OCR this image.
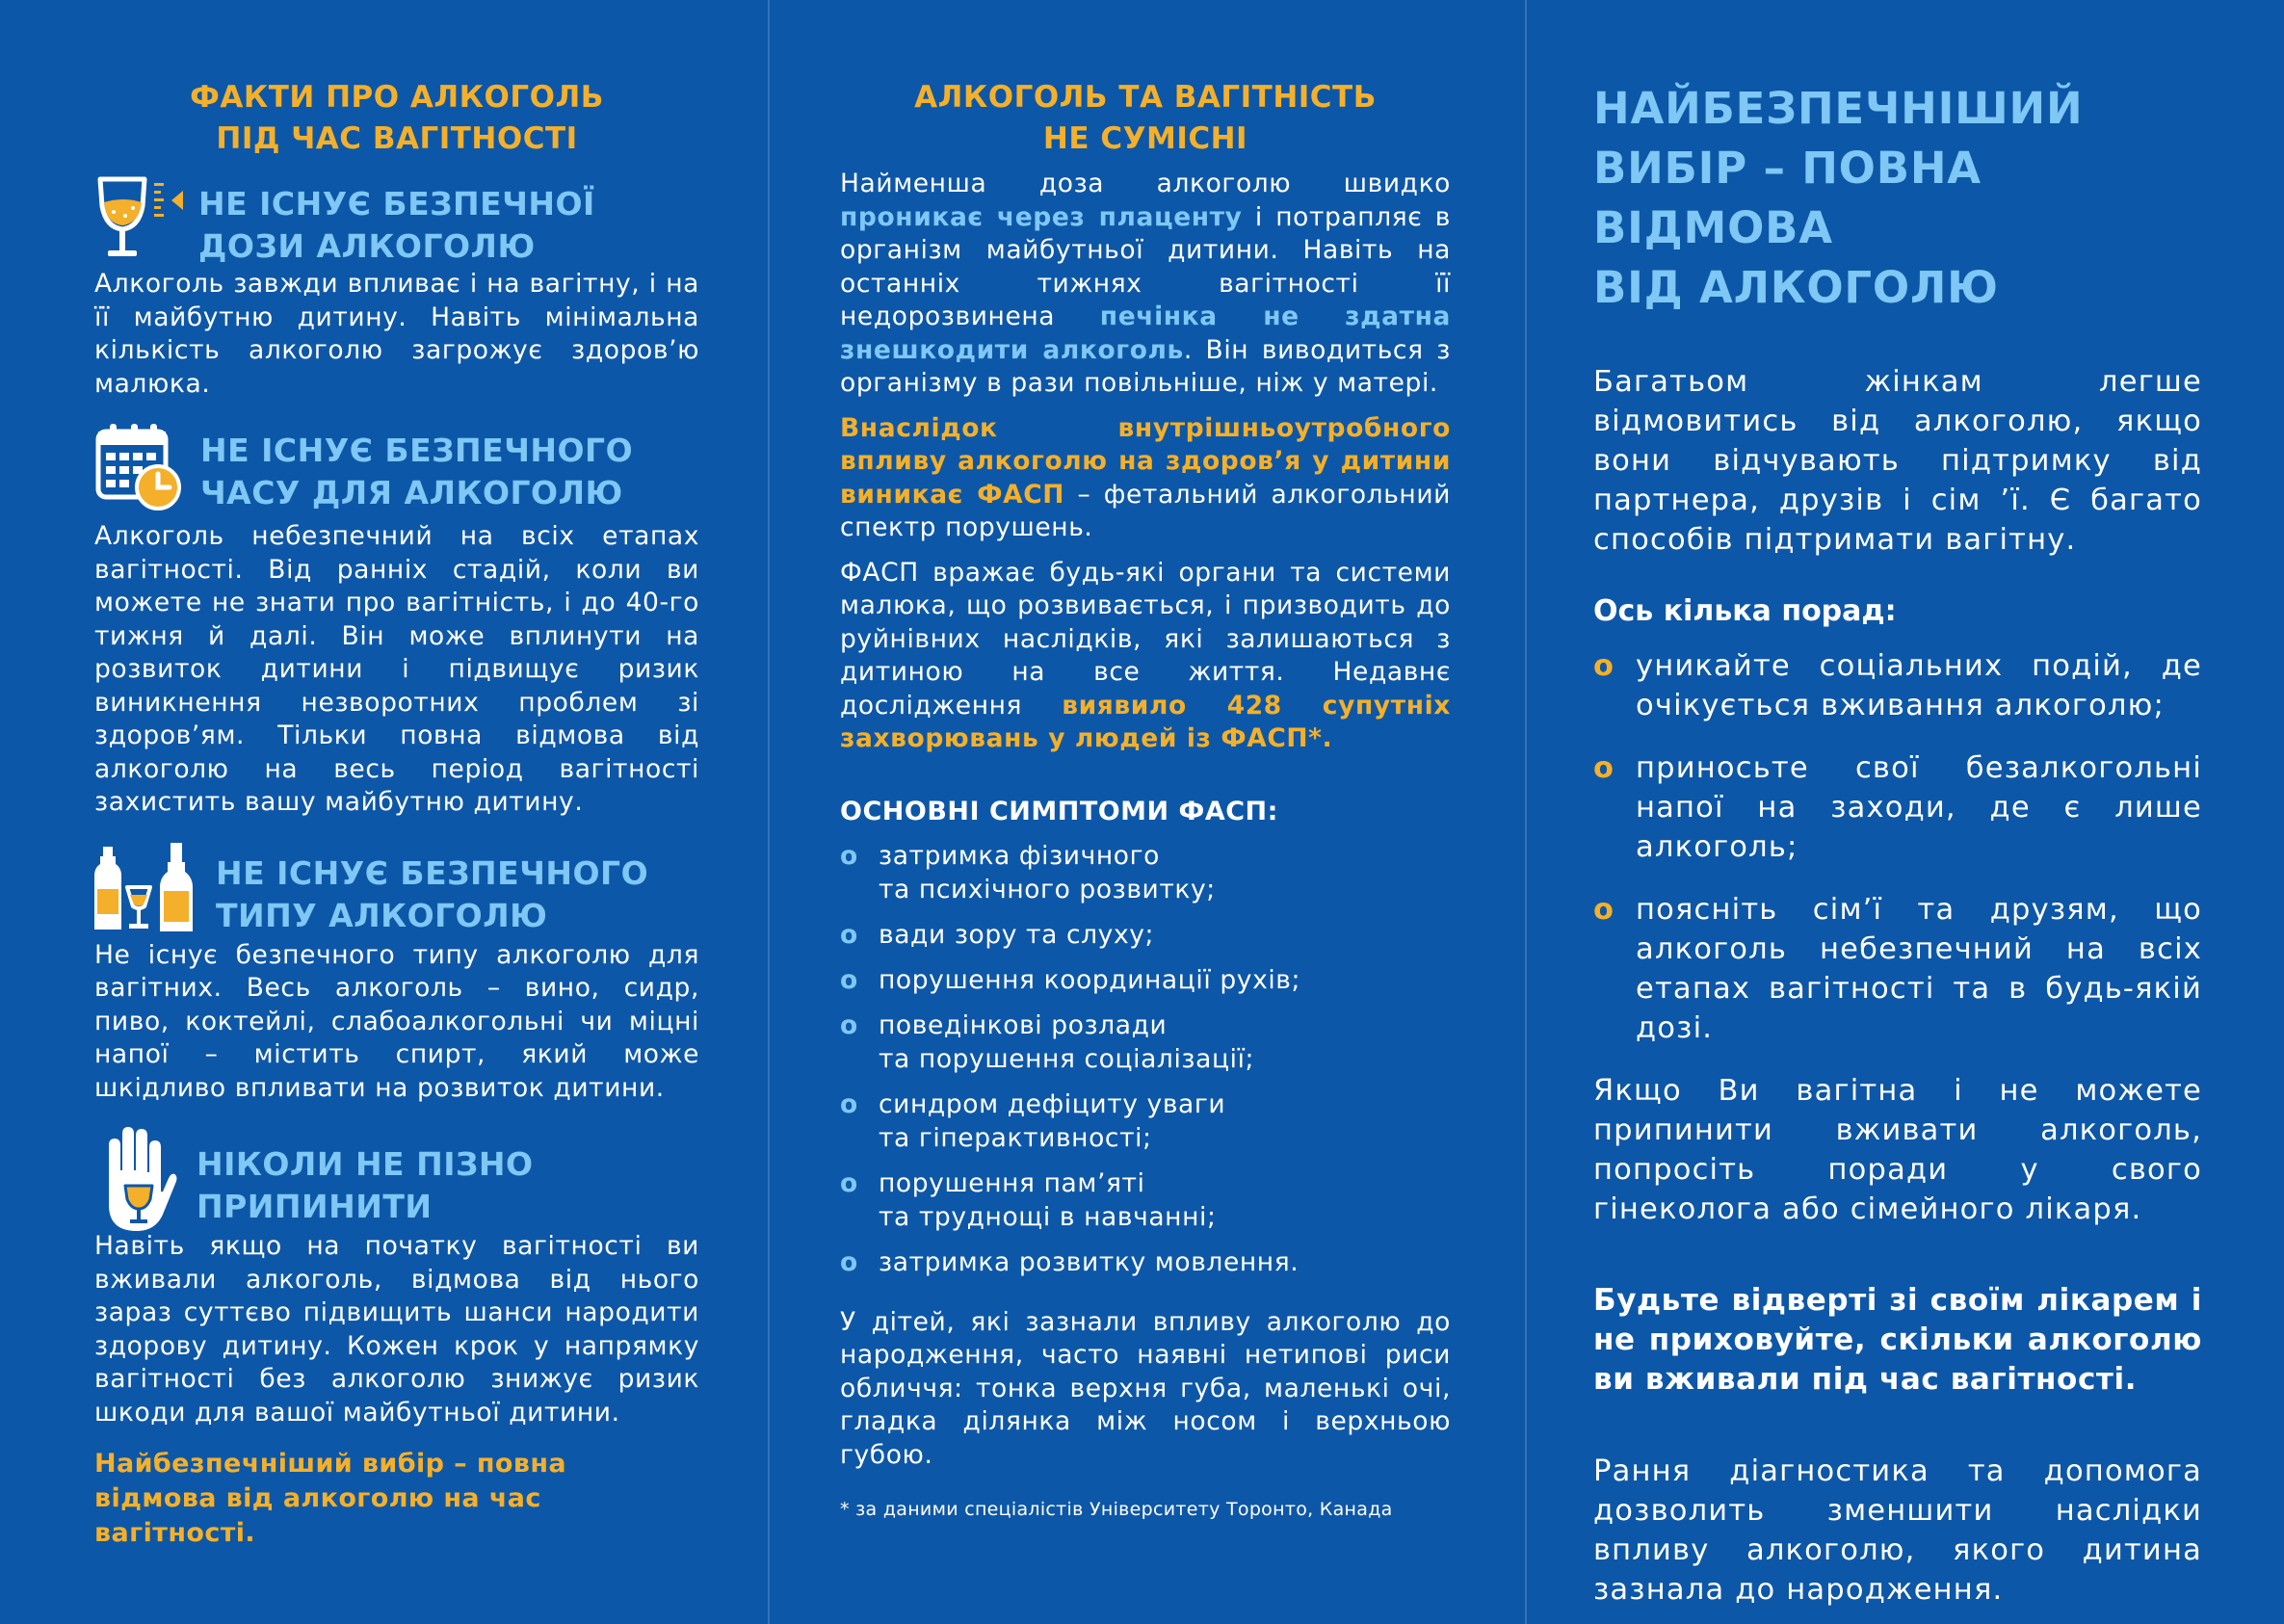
ФАКТИ ПРО АЛКОГОЛЬ
ПІД ЧАС ВАГІТНОСТІ
НЕ ІСНУЄ БЕЗПЕЧНОЇ
ДОЗИ АЛКОГОЛЮ
Алкоголь завжди впливає і на вагітну, і на її майбутню дитину. Навіть мінімальна кількість алкоголю загрожує здоров’ю малюка.
НЕ ІСНУЄ БЕЗПЕЧНОГО
ЧАСУ ДЛЯ АЛКОГОЛЮ
Алкоголь небезпечний на всіх етапах вагітності. Від ранніх стадій, коли ви можете не знати про вагітність, і до 40-го тижня й далі. Він може вплинути на розвиток дитини і підвищує ризик виникнення незворотних проблем зі здоров’ям. Тільки повна відмова від алкоголю на весь період вагітності захистить вашу майбутню дитину.
НЕ ІСНУЄ БЕЗПЕЧНОГО
ТИПУ АЛКОГОЛЮ
Не існує безпечного типу алкоголю для вагітних. Весь алкоголь – вино, сидр, пиво, коктейлі, слабоалкогольні чи міцні напої – містить спирт, який може шкідливо впливати на розвиток дитини.
НІКОЛИ НЕ ПІЗНО
ПРИПИНИТИ
Навіть якщо на початку вагітності ви вживали алкоголь, відмова від нього зараз суттєво підвищить шанси народити здорову дитину. Кожен крок у напрямку вагітності без алкоголю знижує ризик шкоди для вашої майбутньої дитини.
Найбезпечніший вибір – повна
відмова від алкоголю на час вагітності.
АЛКОГОЛЬ ТА ВАГІТНІСТЬ
НЕ СУМІСНІ
Найменша доза алкоголю швидко проникає через плаценту і потрапляє в організм майбутньої дитини. Навіть на останніх тижнях вагітності її недорозвинена печінка не здатна знешкодити алкоголь. Він виводиться з організму в рази повільніше, ніж у матері.
Внаслідок внутрішньоутробного впливу алкоголю на здоров’я у дитини виникає ФАСП – фетальний алкогольний спектр порушень.
ФАСП вражає будь-які органи та системи малюка, що розвивається, і призводить до руйнівних наслідків, які залишаються з дитиною на все життя. Недавнє дослідження виявило 428 супутніх захворювань у людей із ФАСП*.
ОСНОВНІ СИМПТОМИ ФАСП:
o затримка фізичного
та психічного розвитку;
o вади зору та слуху;
o порушення координації рухів;
o поведінкові розлади
та порушення соціалізації;
o синдром дефіциту уваги
та гіперактивності;
o порушення пам’яті
та труднощі в навчанні;
o затримка розвитку мовлення.
У дітей, які зазнали впливу алкоголю до народження, часто наявні нетипові риси обличчя: тонка верхня губа, маленькі очі, гладка ділянка між носом і верхньою губою.
* за даними спеціалістів Університету Торонто, Канада
НАЙБЕЗПЕЧНІШИЙ
ВИБІР – ПОВНА ВІДМОВА
ВІД АЛКОГОЛЮ
Багатьом жінкам легше відмовитись від алкоголю, якщо вони відчувають підтримку від партнера, друзів і сім ’ї. Є багато способів підтримати вагітну.
Ось кілька порад:
o уникайте соціальних подій, де очікується вживання алкоголю;
o приносьте свої безалкогольні напої на заходи, де є лише алкоголь;
o поясніть сім’ї та друзям, що алкоголь небезпечний на всіх етапах вагітності та в будь-якій дозі.
Якщо Ви вагітна і не можете припинити вживати алкоголь, попросіть поради у свого гінеколога або сімейного лікаря.
Будьте відверті зі своїм лікарем і не приховуйте, скільки алкоголю ви вживали під час вагітності.
Рання діагностика та допомога дозволить зменшити наслідки впливу алкоголю, якого дитина зазнала до народження.
